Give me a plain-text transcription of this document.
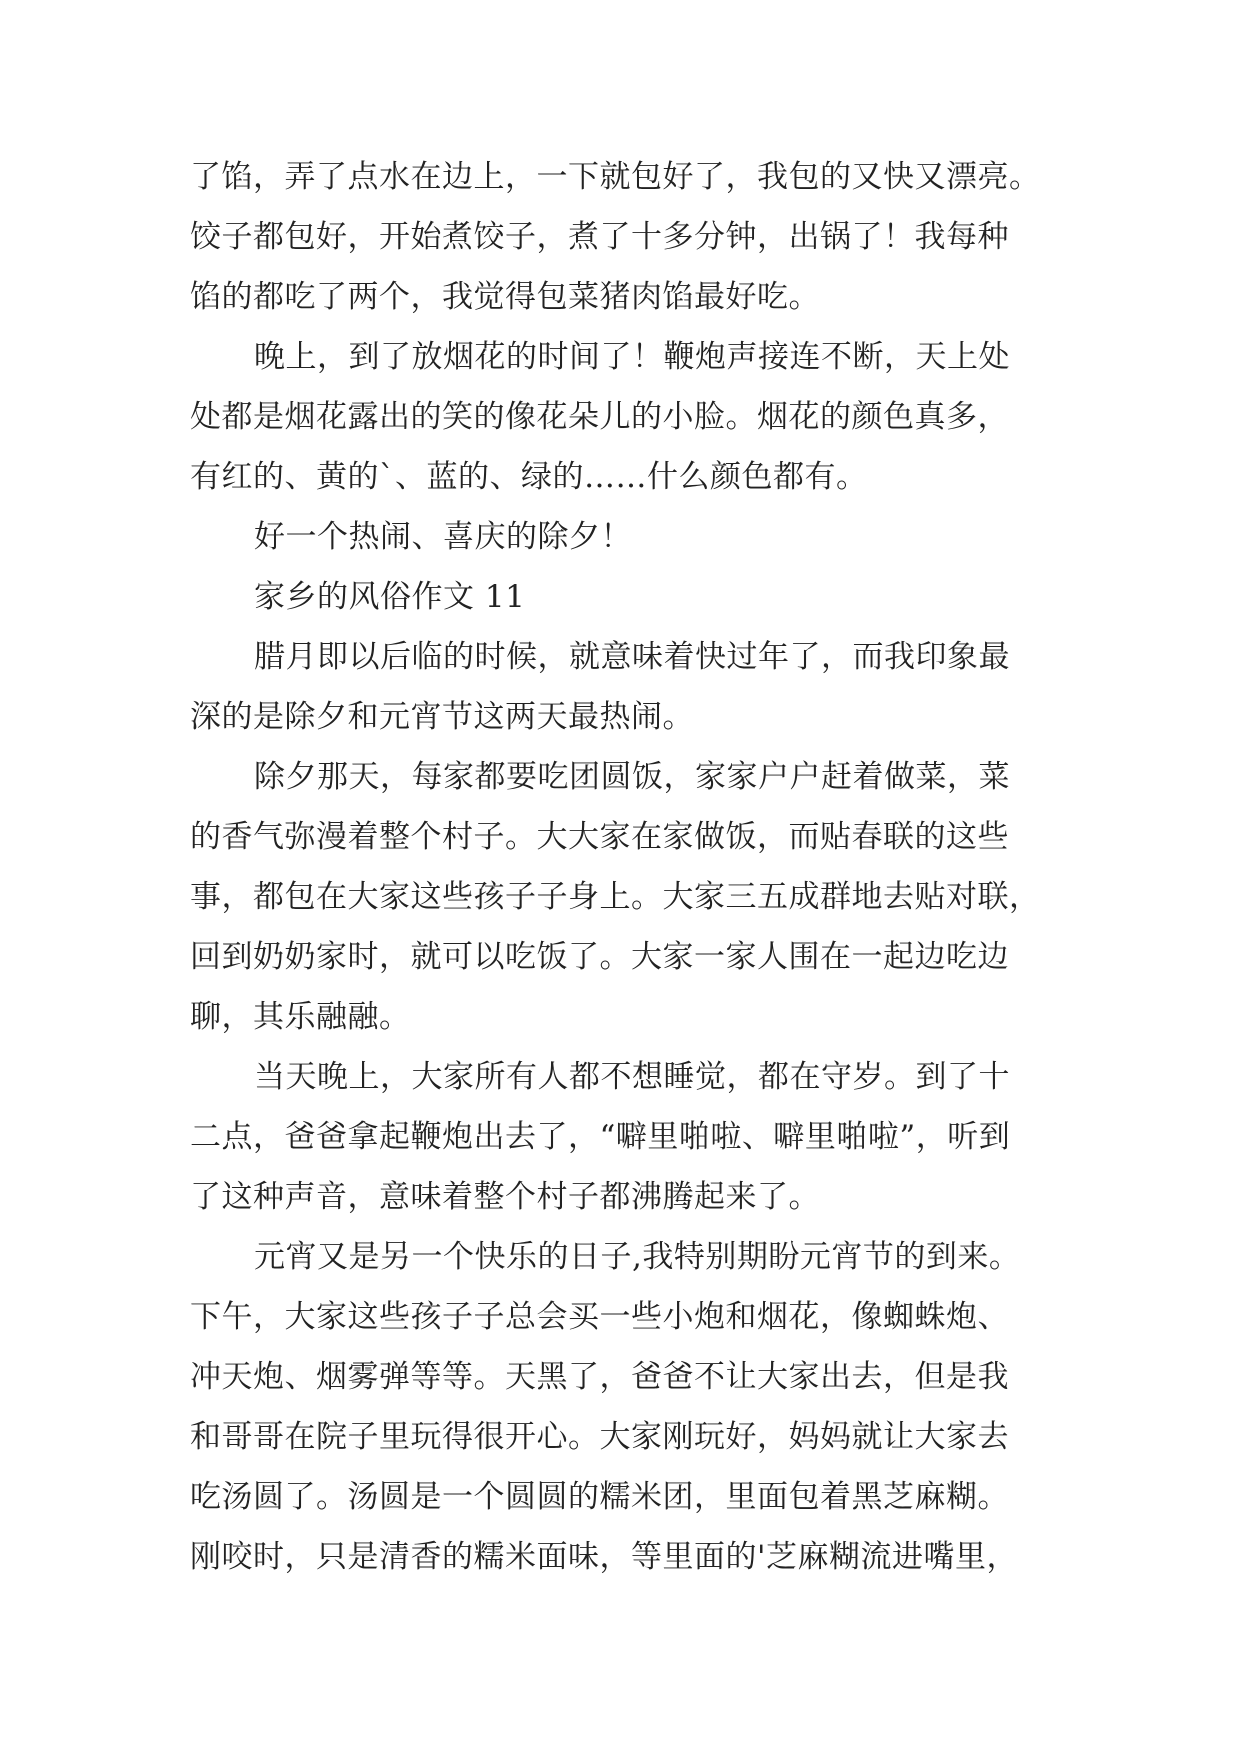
了馅，弄了点水在边上，一下就包好了，我包的又快又漂亮。
饺子都包好，开始煮饺子，煮了十多分钟，出锅了！我每种
馅的都吃了两个，我觉得包菜猪肉馅最好吃。
晚上，到了放烟花的时间了！鞭炮声接连不断，天上处
处都是烟花露出的笑的像花朵儿的小脸。烟花的颜色真多，
有红的、黄的`、蓝的、绿的……什么颜色都有。
好一个热闹、喜庆的除夕！
家乡的风俗作文 11
腊月即以后临的时候，就意味着快过年了，而我印象最
深的是除夕和元宵节这两天最热闹。
除夕那天，每家都要吃团圆饭，家家户户赶着做菜，菜
的香气弥漫着整个村子。大大家在家做饭，而贴春联的这些
事，都包在大家这些孩子子身上。大家三五成群地去贴对联，
回到奶奶家时，就可以吃饭了。大家一家人围在一起边吃边
聊，其乐融融。
当天晚上，大家所有人都不想睡觉，都在守岁。到了十
二点，爸爸拿起鞭炮出去了，“噼里啪啦、噼里啪啦”，听到
了这种声音，意味着整个村子都沸腾起来了。
元宵又是另一个快乐的日子,我特别期盼元宵节的到来。
下午，大家这些孩子子总会买一些小炮和烟花，像蜘蛛炮、
冲天炮、烟雾弹等等。天黑了，爸爸不让大家出去，但是我
和哥哥在院子里玩得很开心。大家刚玩好，妈妈就让大家去
吃汤圆了。汤圆是一个圆圆的糯米团，里面包着黑芝麻糊。
刚咬时，只是清香的糯米面味，等里面的'芝麻糊流进嘴里，
